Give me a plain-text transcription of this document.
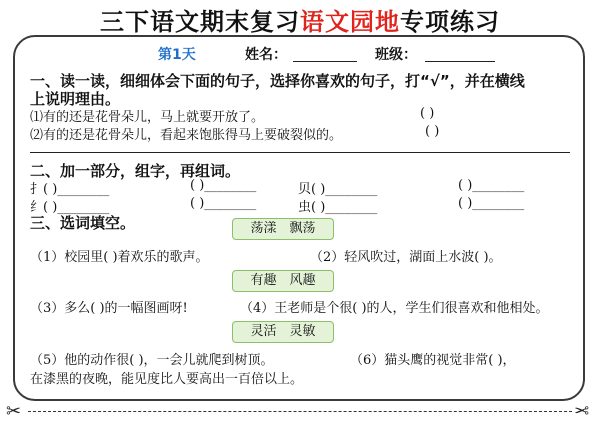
三下语文期末复习语文园地专项练习
第1天	姓名：	班级：
一、读一读，细细体会下面的句子，选择你喜欢的句子，打“√”，并在横线
上说明理由。
⑴有的还是花骨朵儿，马上就要开放了。	( )
⑵有的还是花骨朵儿，看起来饱胀得马上要破裂似的。	( )
二、加一部分，组字，再组词。
扌( )________	( )________	贝( )________	( )________
纟( )________	( )________	虫( )________	( )________
三、选词填空。	荡漾　飘荡
（1）校园里( )着欢乐的歌声。	（2）轻风吹过，湖面上水波( )。
有趣　风趣
（3）多么( )的一幅图画呀!	（4）王老师是个很( )的人，学生们很喜欢和他相处。
灵活　灵敏
（5）他的动作很( )，一会儿就爬到树顶。	（6）猫头鹰的视觉非常( )，
在漆黑的夜晚，能见度比人要高出一百倍以上。
✂	✂
